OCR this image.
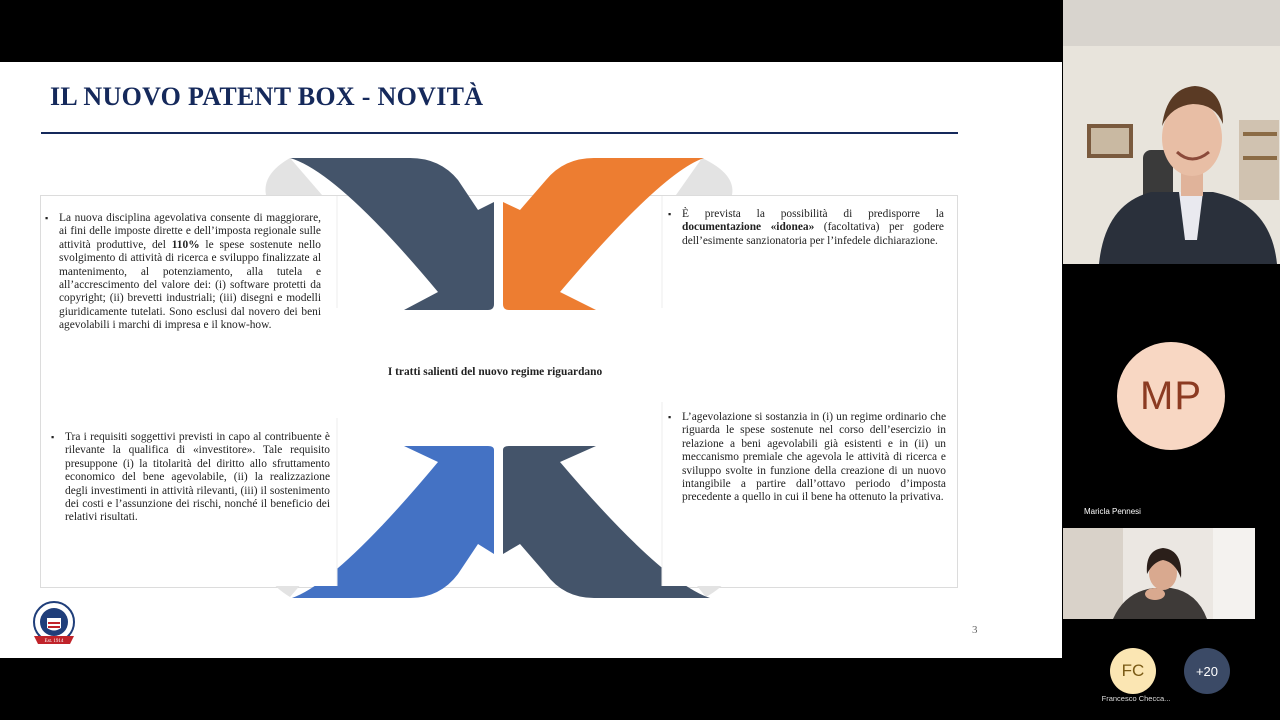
IL NUOVO PATENT BOX - NOVITÀ
▪ La nuova disciplina agevolativa consente di maggiorare, ai fini delle imposte dirette e dell’imposta regionale sulle attività produttive, del 110% le spese sostenute nello svolgimento di attività di ricerca e sviluppo finalizzate al mantenimento, al potenziamento, alla tutela e all’accrescimento del valore dei: (i) software protetti da copyright; (ii) brevetti industriali; (iii) disegni e modelli giuridicamente tutelati. Sono esclusi dal novero dei beni agevolabili i marchi di impresa e il know-how.
▪ È prevista la possibilità di predisporre la documentazione «idonea» (facoltativa) per godere dell’esimente sanzionatoria per l’infedele dichiarazione.
I tratti salienti del nuovo regime riguardano
▪ Tra i requisiti soggettivi previsti in capo al contribuente è rilevante la qualifica di «investitore». Tale requisito presuppone (i) la titolarità del diritto allo sfruttamento economico del bene agevolabile, (ii) la realizzazione degli investimenti in attività rilevanti, (iii) il sostenimento dei costi e l’assunzione dei rischi, nonché il beneficio dei relativi risultati.
▪ L’agevolazione si sostanzia in (i) un regime ordinario che riguarda le spese sostenute nel corso dell’esercizio in relazione a beni agevolabili già esistenti e in (ii) un meccanismo premiale che agevola le attività di ricerca e sviluppo svolte in funzione della creazione di un nuovo intangibile a partire dall’ottavo periodo d’imposta precedente a quello in cui il bene ha ottenuto la privativa.
Est. 1914
3
MP
Maricla Pennesi
FC
Francesco Checca...
+20
